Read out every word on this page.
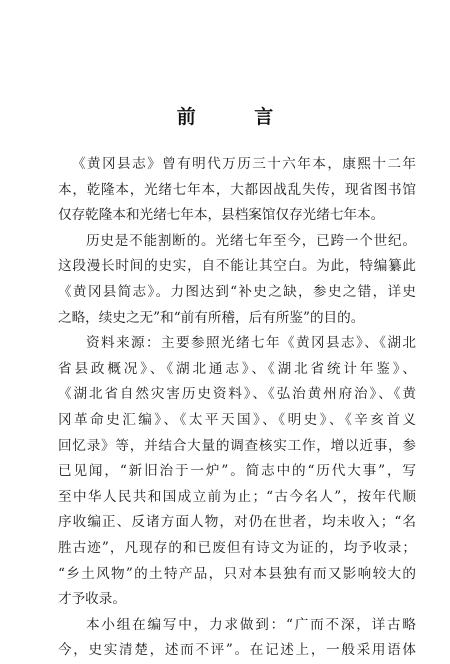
前 言
《黄冈县志》曾有明代万历三十六年本，康熙十二年
本，乾隆本，光绪七年本，大都因战乱失传，现省图书馆
仅存乾隆本和光绪七年本，县档案馆仅存光绪七年本。
历史是不能割断的。光绪七年至今，已跨一个世纪。
这段漫长时间的史实，自不能让其空白。为此，特编纂此
《黄冈县简志》。力图达到“补史之缺，参史之错，详史
之略，续史之无”和“前有所稽，后有所鉴”的目的。
资料来源：主要参照光绪七年《黄冈县志》、《湖北
省县政概况》、《湖北通志》、《湖北省统计年鉴》、
《湖北省自然灾害历史资料》、《弘治黄州府治》、《黄
冈革命史汇编》、《太平天国》、《明史》、《辛亥首义
回忆录》等，并结合大量的调查核实工作，增以近事，参
已见闻，“新旧治于一炉”。简志中的“历代大事”，写
至中华人民共和国成立前为止；“古今名人”，按年代顺
序收编正、反诸方面人物，对仍在世者，均未收入；“名
胜古迹”，凡现存的和已废但有诗文为证的，均予收录；
“乡土风物”的土特产品，只对本县独有而又影响较大的
才予收录。
本小组在编写中，力求做到：“广而不深，详古略
今，史实清楚，述而不评”。在记述上，一般采用语体
